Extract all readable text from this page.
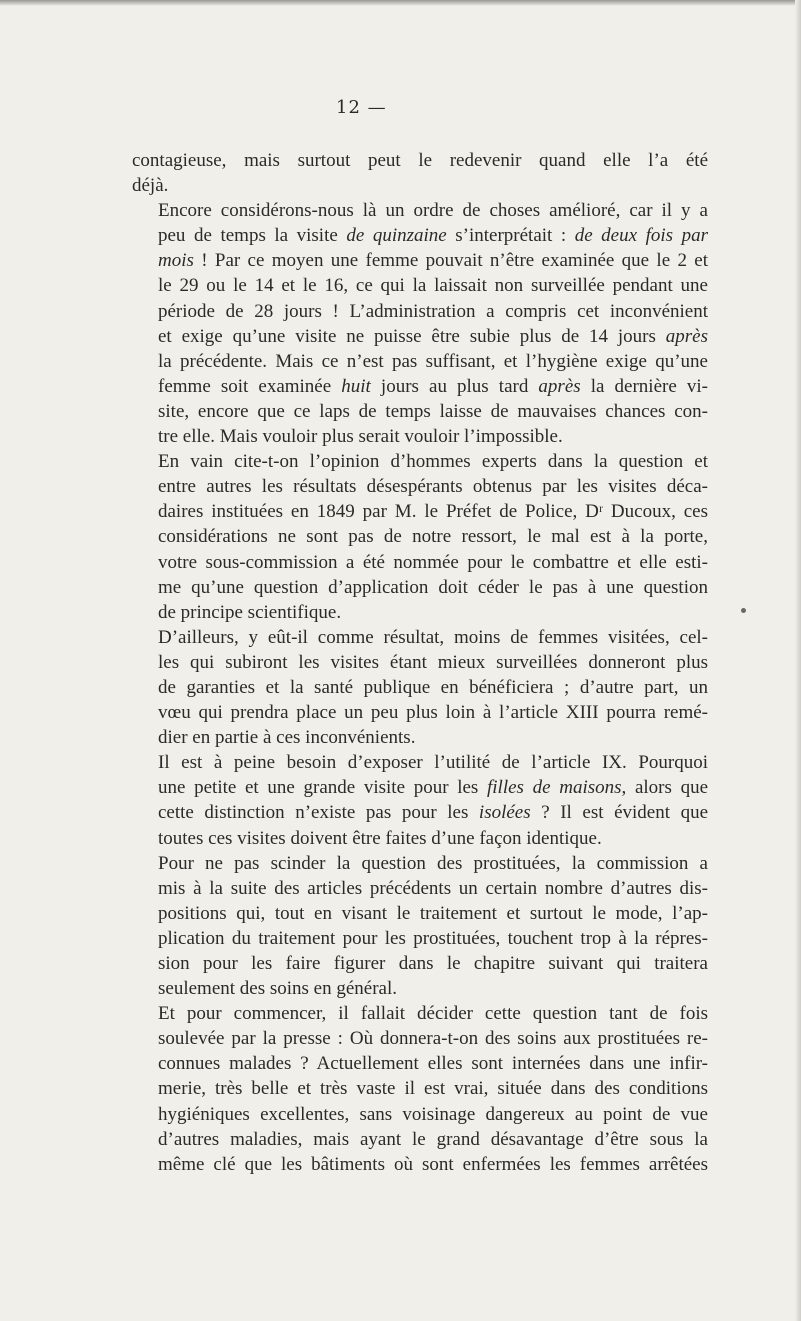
12 —

contagieuse, mais surtout peut le redevenir quand elle l’a été
déjà.

Encore considérons-nous là un ordre de choses amélioré, car il y a
peu de temps la visite de quinzaine s’interprétait : de deux fois par
mois ! Par ce moyen une femme pouvait n’être examinée que le 2 et
le 29 ou le 14 et le 16, ce qui la laissait non surveillée pendant une
période de 28 jours ! L’administration a compris cet inconvénient
et exige qu’une visite ne puisse être subie plus de 14 jours après
la précédente. Mais ce n’est pas suffisant, et l’hygiène exige qu’une
femme soit examinée huit jours au plus tard après la dernière vi-
site, encore que ce laps de temps laisse de mauvaises chances con-
tre elle. Mais vouloir plus serait vouloir l’impossible.

En vain cite-t-on l’opinion d’hommes experts dans la question et
entre autres les résultats désespérants obtenus par les visites déca-
daires instituées en 1849 par M. le Préfet de Police, Dʳ Ducoux, ces
considérations ne sont pas de notre ressort, le mal est à la porte,
votre sous-commission a été nommée pour le combattre et elle esti-
me qu’une question d’application doit céder le pas à une question
de principe scientifique.

D’ailleurs, y eût-il comme résultat, moins de femmes visitées, cel-
les qui subiront les visites étant mieux surveillées donneront plus
de garanties et la santé publique en bénéficiera ; d’autre part, un
vœu qui prendra place un peu plus loin à l’article XIII pourra remé-
dier en partie à ces inconvénients.

Il est à peine besoin d’exposer l’utilité de l’article IX. Pourquoi
une petite et une grande visite pour les filles de maisons, alors que
cette distinction n’existe pas pour les isolées ? Il est évident que
toutes ces visites doivent être faites d’une façon identique.

Pour ne pas scinder la question des prostituées, la commission a
mis à la suite des articles précédents un certain nombre d’autres dis-
positions qui, tout en visant le traitement et surtout le mode, l’ap-
plication du traitement pour les prostituées, touchent trop à la répres-
sion pour les faire figurer dans le chapitre suivant qui traitera
seulement des soins en général.

Et pour commencer, il fallait décider cette question tant de fois
soulevée par la presse : Où donnera-t-on des soins aux prostituées re-
connues malades ? Actuellement elles sont internées dans une infir-
merie, très belle et très vaste il est vrai, située dans des conditions
hygiéniques excellentes, sans voisinage dangereux au point de vue
d’autres maladies, mais ayant le grand désavantage d’être sous la
même clé que les bâtiments où sont enfermées les femmes arrêtées
